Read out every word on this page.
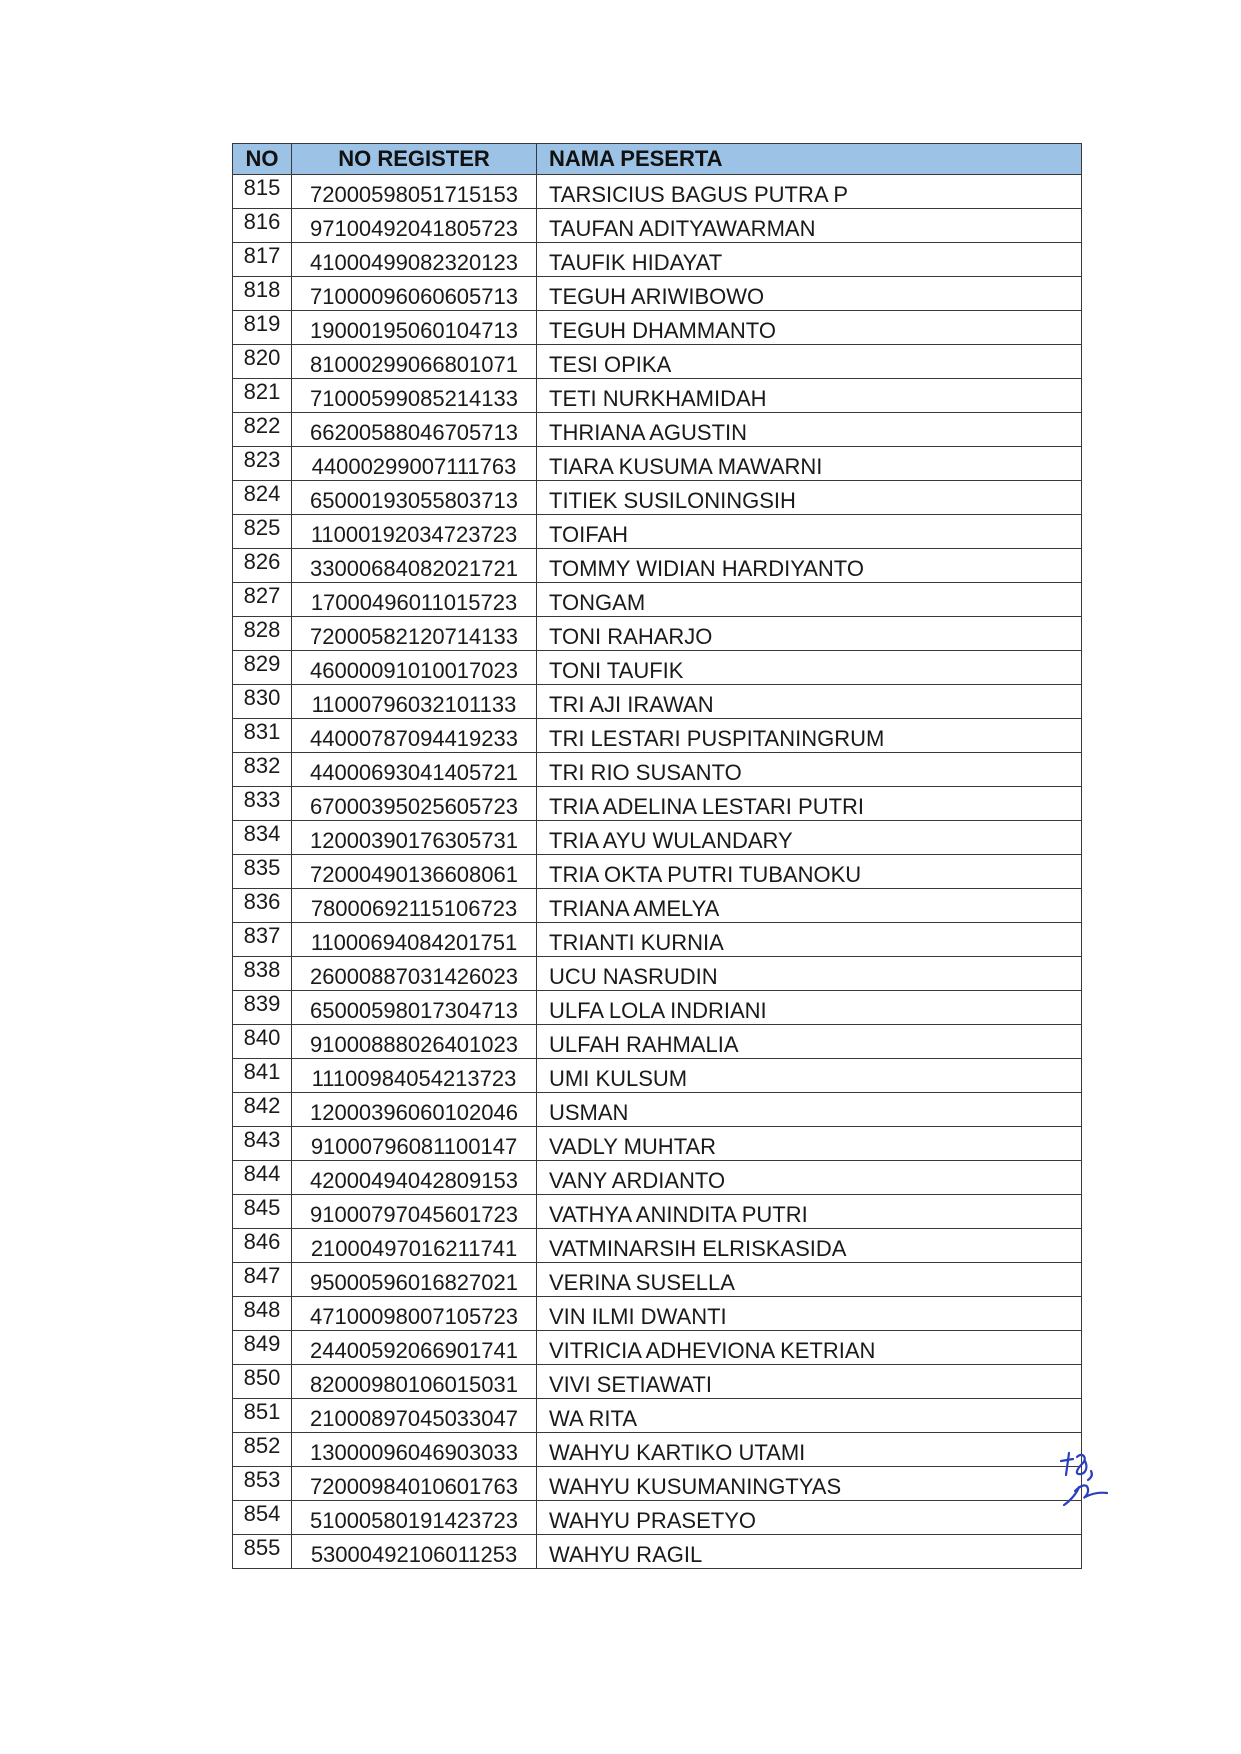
NO	NO REGISTER	NAMA PESERTA
815	72000598051715153	TARSICIUS BAGUS PUTRA P
816	97100492041805723	TAUFAN ADITYAWARMAN
817	41000499082320123	TAUFIK HIDAYAT
818	71000096060605713	TEGUH ARIWIBOWO
819	19000195060104713	TEGUH DHAMMANTO
820	81000299066801071	TESI OPIKA
821	71000599085214133	TETI NURKHAMIDAH
822	66200588046705713	THRIANA AGUSTIN
823	44000299007111763	TIARA KUSUMA MAWARNI
824	65000193055803713	TITIEK SUSILONINGSIH
825	11000192034723723	TOIFAH
826	33000684082021721	TOMMY WIDIAN HARDIYANTO
827	17000496011015723	TONGAM
828	72000582120714133	TONI RAHARJO
829	46000091010017023	TONI TAUFIK
830	11000796032101133	TRI AJI IRAWAN
831	44000787094419233	TRI LESTARI PUSPITANINGRUM
832	44000693041405721	TRI RIO SUSANTO
833	67000395025605723	TRIA ADELINA LESTARI PUTRI
834	12000390176305731	TRIA AYU WULANDARY
835	72000490136608061	TRIA OKTA PUTRI TUBANOKU
836	78000692115106723	TRIANA AMELYA
837	11000694084201751	TRIANTI KURNIA
838	26000887031426023	UCU NASRUDIN
839	65000598017304713	ULFA LOLA INDRIANI
840	91000888026401023	ULFAH RAHMALIA
841	11100984054213723	UMI KULSUM
842	12000396060102046	USMAN
843	91000796081100147	VADLY MUHTAR
844	42000494042809153	VANY ARDIANTO
845	91000797045601723	VATHYA ANINDITA PUTRI
846	21000497016211741	VATMINARSIH ELRISKASIDA
847	95000596016827021	VERINA SUSELLA
848	47100098007105723	VIN ILMI DWANTI
849	24400592066901741	VITRICIA ADHEVIONA KETRIAN
850	82000980106015031	VIVI SETIAWATI
851	21000897045033047	WA RITA
852	13000096046903033	WAHYU KARTIKO UTAMI
853	72000984010601763	WAHYU KUSUMANINGTYAS
854	51000580191423723	WAHYU PRASETYO
855	53000492106011253	WAHYU RAGIL
